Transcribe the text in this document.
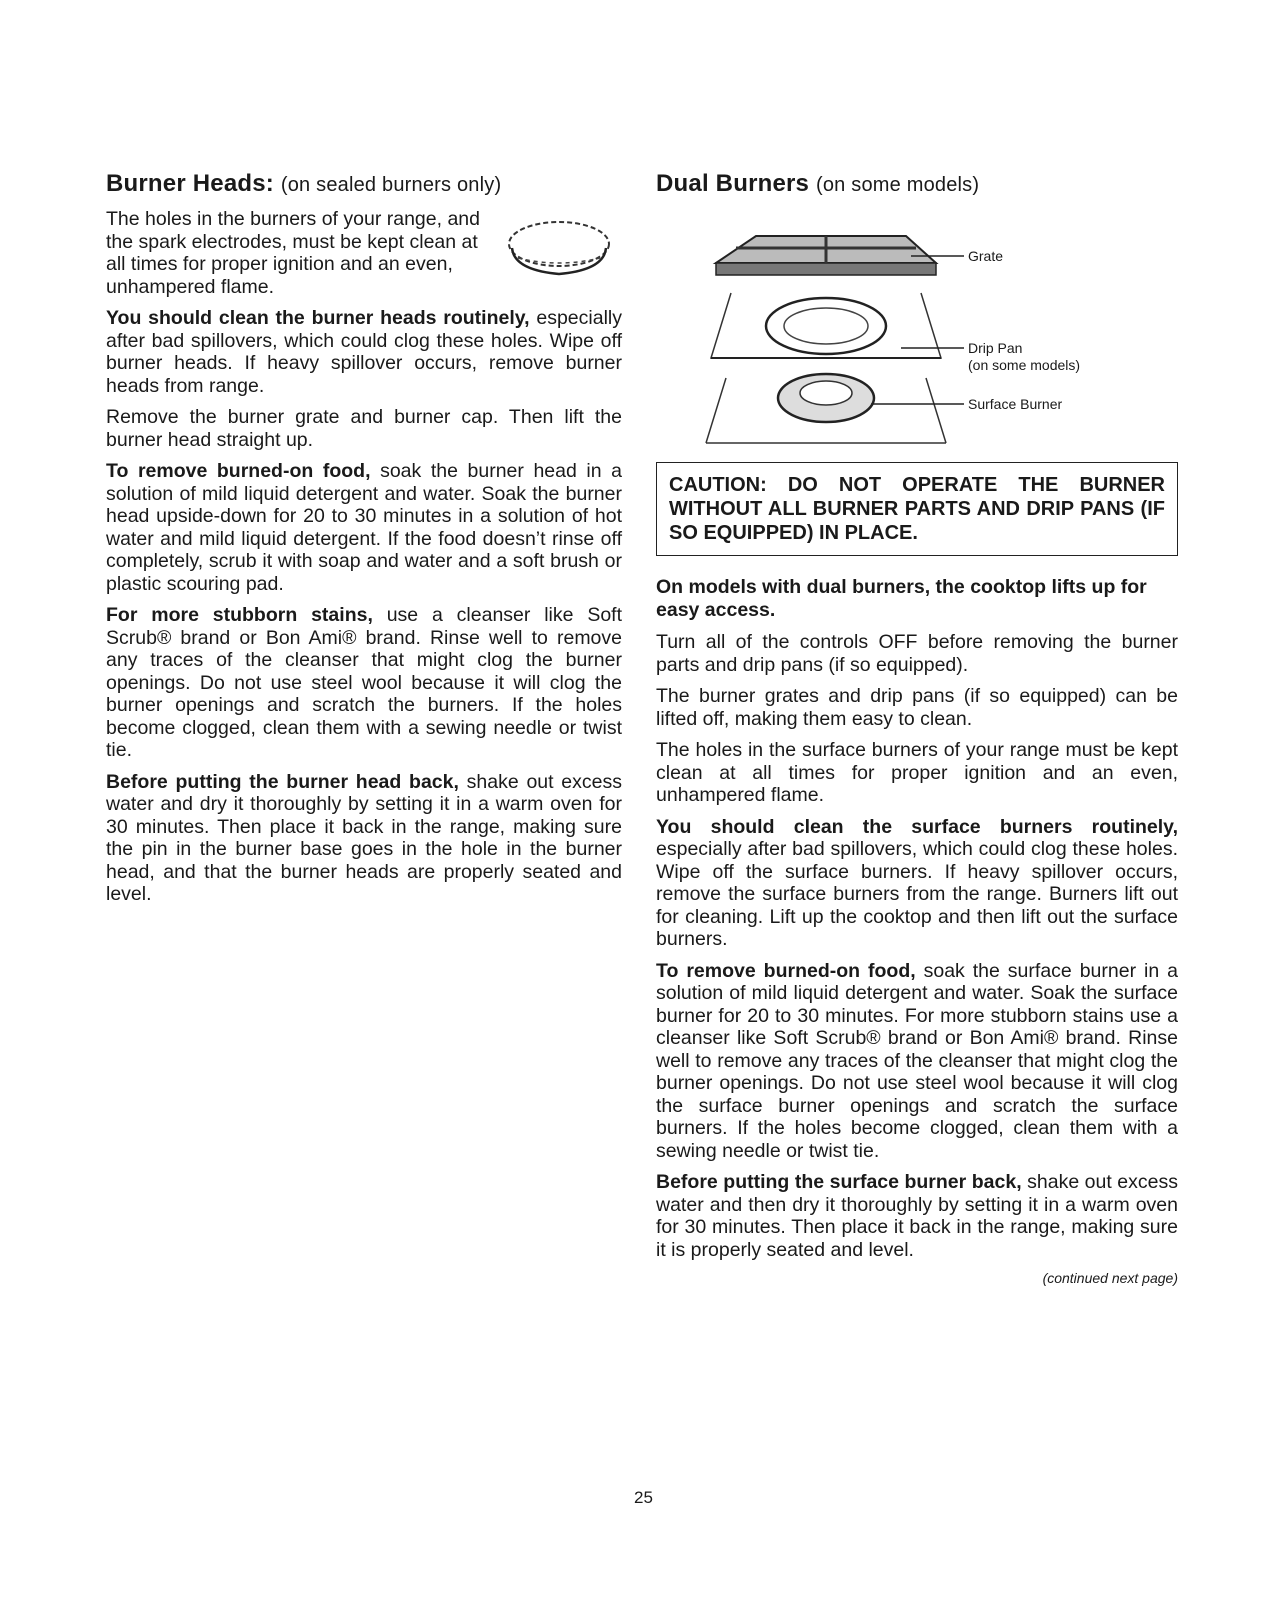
Burner Heads: (on sealed burners only)

The holes in the burners of your range, and the spark electrodes, must be kept clean at all times for proper ignition and an even, unhampered flame.

You should clean the burner heads routinely, especially after bad spillovers, which could clog these holes. Wipe off burner heads. If heavy spillover occurs, remove burner heads from range.

Remove the burner grate and burner cap. Then lift the burner head straight up.

To remove burned-on food, soak the burner head in a solution of mild liquid detergent and water. Soak the burner head upside-down for 20 to 30 minutes in a solution of hot water and mild liquid detergent. If the food doesn’t rinse off completely, scrub it with soap and water and a soft brush or plastic scouring pad.

For more stubborn stains, use a cleanser like Soft Scrub® brand or Bon Ami® brand. Rinse well to remove any traces of the cleanser that might clog the burner openings. Do not use steel wool because it will clog the burner openings and scratch the burners. If the holes become clogged, clean them with a sewing needle or twist tie.

Before putting the burner head back, shake out excess water and dry it thoroughly by setting it in a warm oven for 30 minutes. Then place it back in the range, making sure the pin in the burner base goes in the hole in the burner head, and that the burner heads are properly seated and level.

Dual Burners (on some models)
Grate
Drip Pan
(on some models)
Surface Burner

CAUTION: DO NOT OPERATE THE BURNER WITHOUT ALL BURNER PARTS AND DRIP PANS (IF SO EQUIPPED) IN PLACE.

On models with dual burners, the cooktop lifts up for easy access.

Turn all of the controls OFF before removing the burner parts and drip pans (if so equipped).

The burner grates and drip pans (if so equipped) can be lifted off, making them easy to clean.

The holes in the surface burners of your range must be kept clean at all times for proper ignition and an even, unhampered flame.

You should clean the surface burners routinely, especially after bad spillovers, which could clog these holes. Wipe off the surface burners. If heavy spillover occurs, remove the surface burners from the range. Burners lift out for cleaning. Lift up the cooktop and then lift out the surface burners.

To remove burned-on food, soak the surface burner in a solution of mild liquid detergent and water. Soak the surface burner for 20 to 30 minutes. For more stubborn stains use a cleanser like Soft Scrub® brand or Bon Ami® brand. Rinse well to remove any traces of the cleanser that might clog the burner openings. Do not use steel wool because it will clog the surface burner openings and scratch the surface burners. If the holes become clogged, clean them with a sewing needle or twist tie.

Before putting the surface burner back, shake out excess water and then dry it thoroughly by setting it in a warm oven for 30 minutes. Then place it back in the range, making sure it is properly seated and level.

(continued next page)
25
